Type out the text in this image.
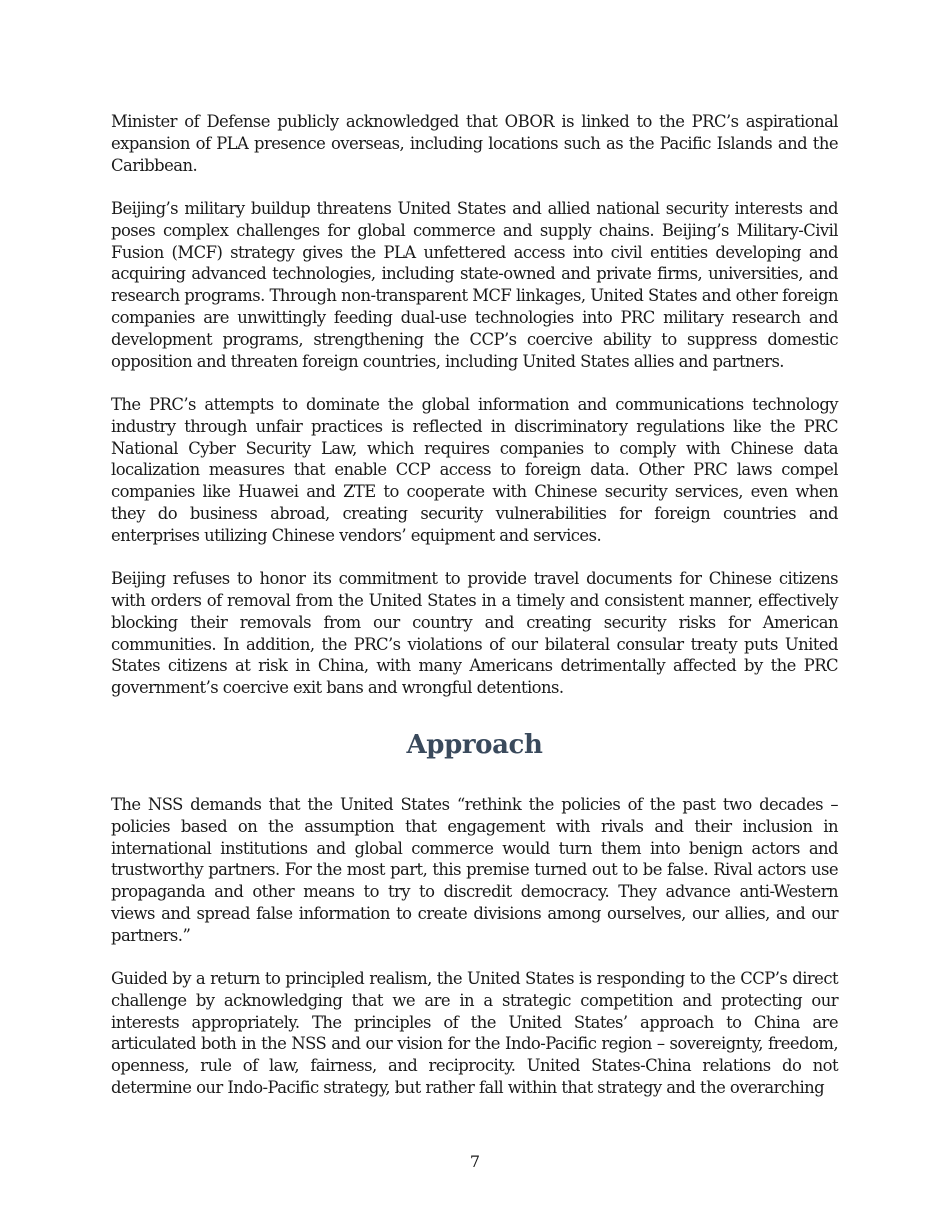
Minister of Defense publicly acknowledged that OBOR is linked to the PRC’s aspirational expansion of PLA presence overseas, including locations such as the Pacific Islands and the Caribbean.

Beijing’s military buildup threatens United States and allied national security interests and poses complex challenges for global commerce and supply chains. Beijing’s Military-Civil Fusion (MCF) strategy gives the PLA unfettered access into civil entities developing and acquiring advanced technologies, including state-owned and private firms, universities, and research programs. Through non-transparent MCF linkages, United States and other foreign companies are unwittingly feeding dual-use technologies into PRC military research and development programs, strengthening the CCP’s coercive ability to suppress domestic opposition and threaten foreign countries, including United States allies and partners.

The PRC’s attempts to dominate the global information and communications technology industry through unfair practices is reflected in discriminatory regulations like the PRC National Cyber Security Law, which requires companies to comply with Chinese data localization measures that enable CCP access to foreign data. Other PRC laws compel companies like Huawei and ZTE to cooperate with Chinese security services, even when they do business abroad, creating security vulnerabilities for foreign countries and enterprises utilizing Chinese vendors’ equipment and services.

Beijing refuses to honor its commitment to provide travel documents for Chinese citizens with orders of removal from the United States in a timely and consistent manner, effectively blocking their removals from our country and creating security risks for American communities. In addition, the PRC’s violations of our bilateral consular treaty puts United States citizens at risk in China, with many Americans detrimentally affected by the PRC government’s coercive exit bans and wrongful detentions.

Approach

The NSS demands that the United States “rethink the policies of the past two decades – policies based on the assumption that engagement with rivals and their inclusion in international institutions and global commerce would turn them into benign actors and trustworthy partners. For the most part, this premise turned out to be false. Rival actors use propaganda and other means to try to discredit democracy. They advance anti-Western views and spread false information to create divisions among ourselves, our allies, and our partners.”

Guided by a return to principled realism, the United States is responding to the CCP’s direct challenge by acknowledging that we are in a strategic competition and protecting our interests appropriately. The principles of the United States’ approach to China are articulated both in the NSS and our vision for the Indo-Pacific region – sovereignty, freedom, openness, rule of law, fairness, and reciprocity. United States-China relations do not determine our Indo-Pacific strategy, but rather fall within that strategy and the overarching

7
